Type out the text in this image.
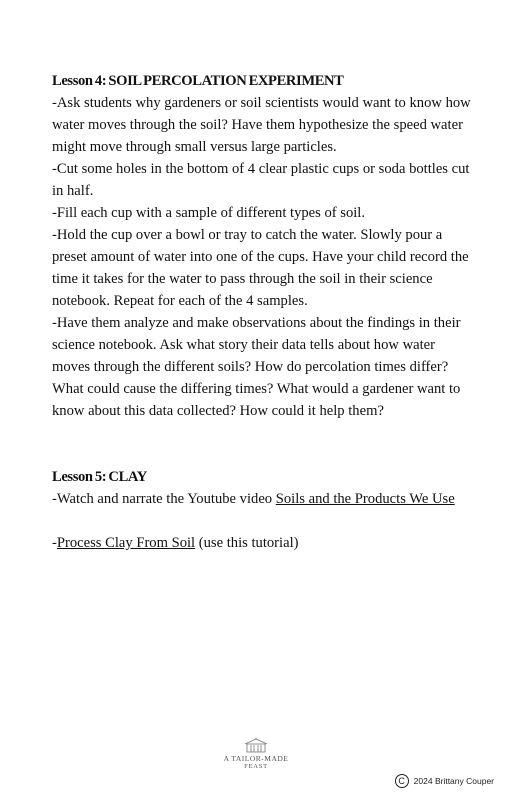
Lesson 4: SOIL PERCOLATION EXPERIMENT

-Ask students why gardeners or soil scientists would want to know how water moves through the soil? Have them hypothesize the speed water might move through small versus large particles.

-Cut some holes in the bottom of 4 clear plastic cups or soda bottles cut in half.

-Fill each cup with a sample of different types of soil.

-Hold the cup over a bowl or tray to catch the water. Slowly pour a preset amount of water into one of the cups. Have your child record the time it takes for the water to pass through the soil in their science notebook. Repeat for each of the 4 samples.

-Have them analyze and make observations about the findings in their science notebook. Ask what story their data tells about how water moves through the different soils? How do percolation times differ? What could cause the differing times? What would a gardener want to know about this data collected? How could it help them?

Lesson 5: CLAY

-Watch and narrate the Youtube video Soils and the Products We Use

-Process Clay From Soil (use this tutorial)

A TAILOR-MADE
FEAST
C	2024 Brittany Couper
